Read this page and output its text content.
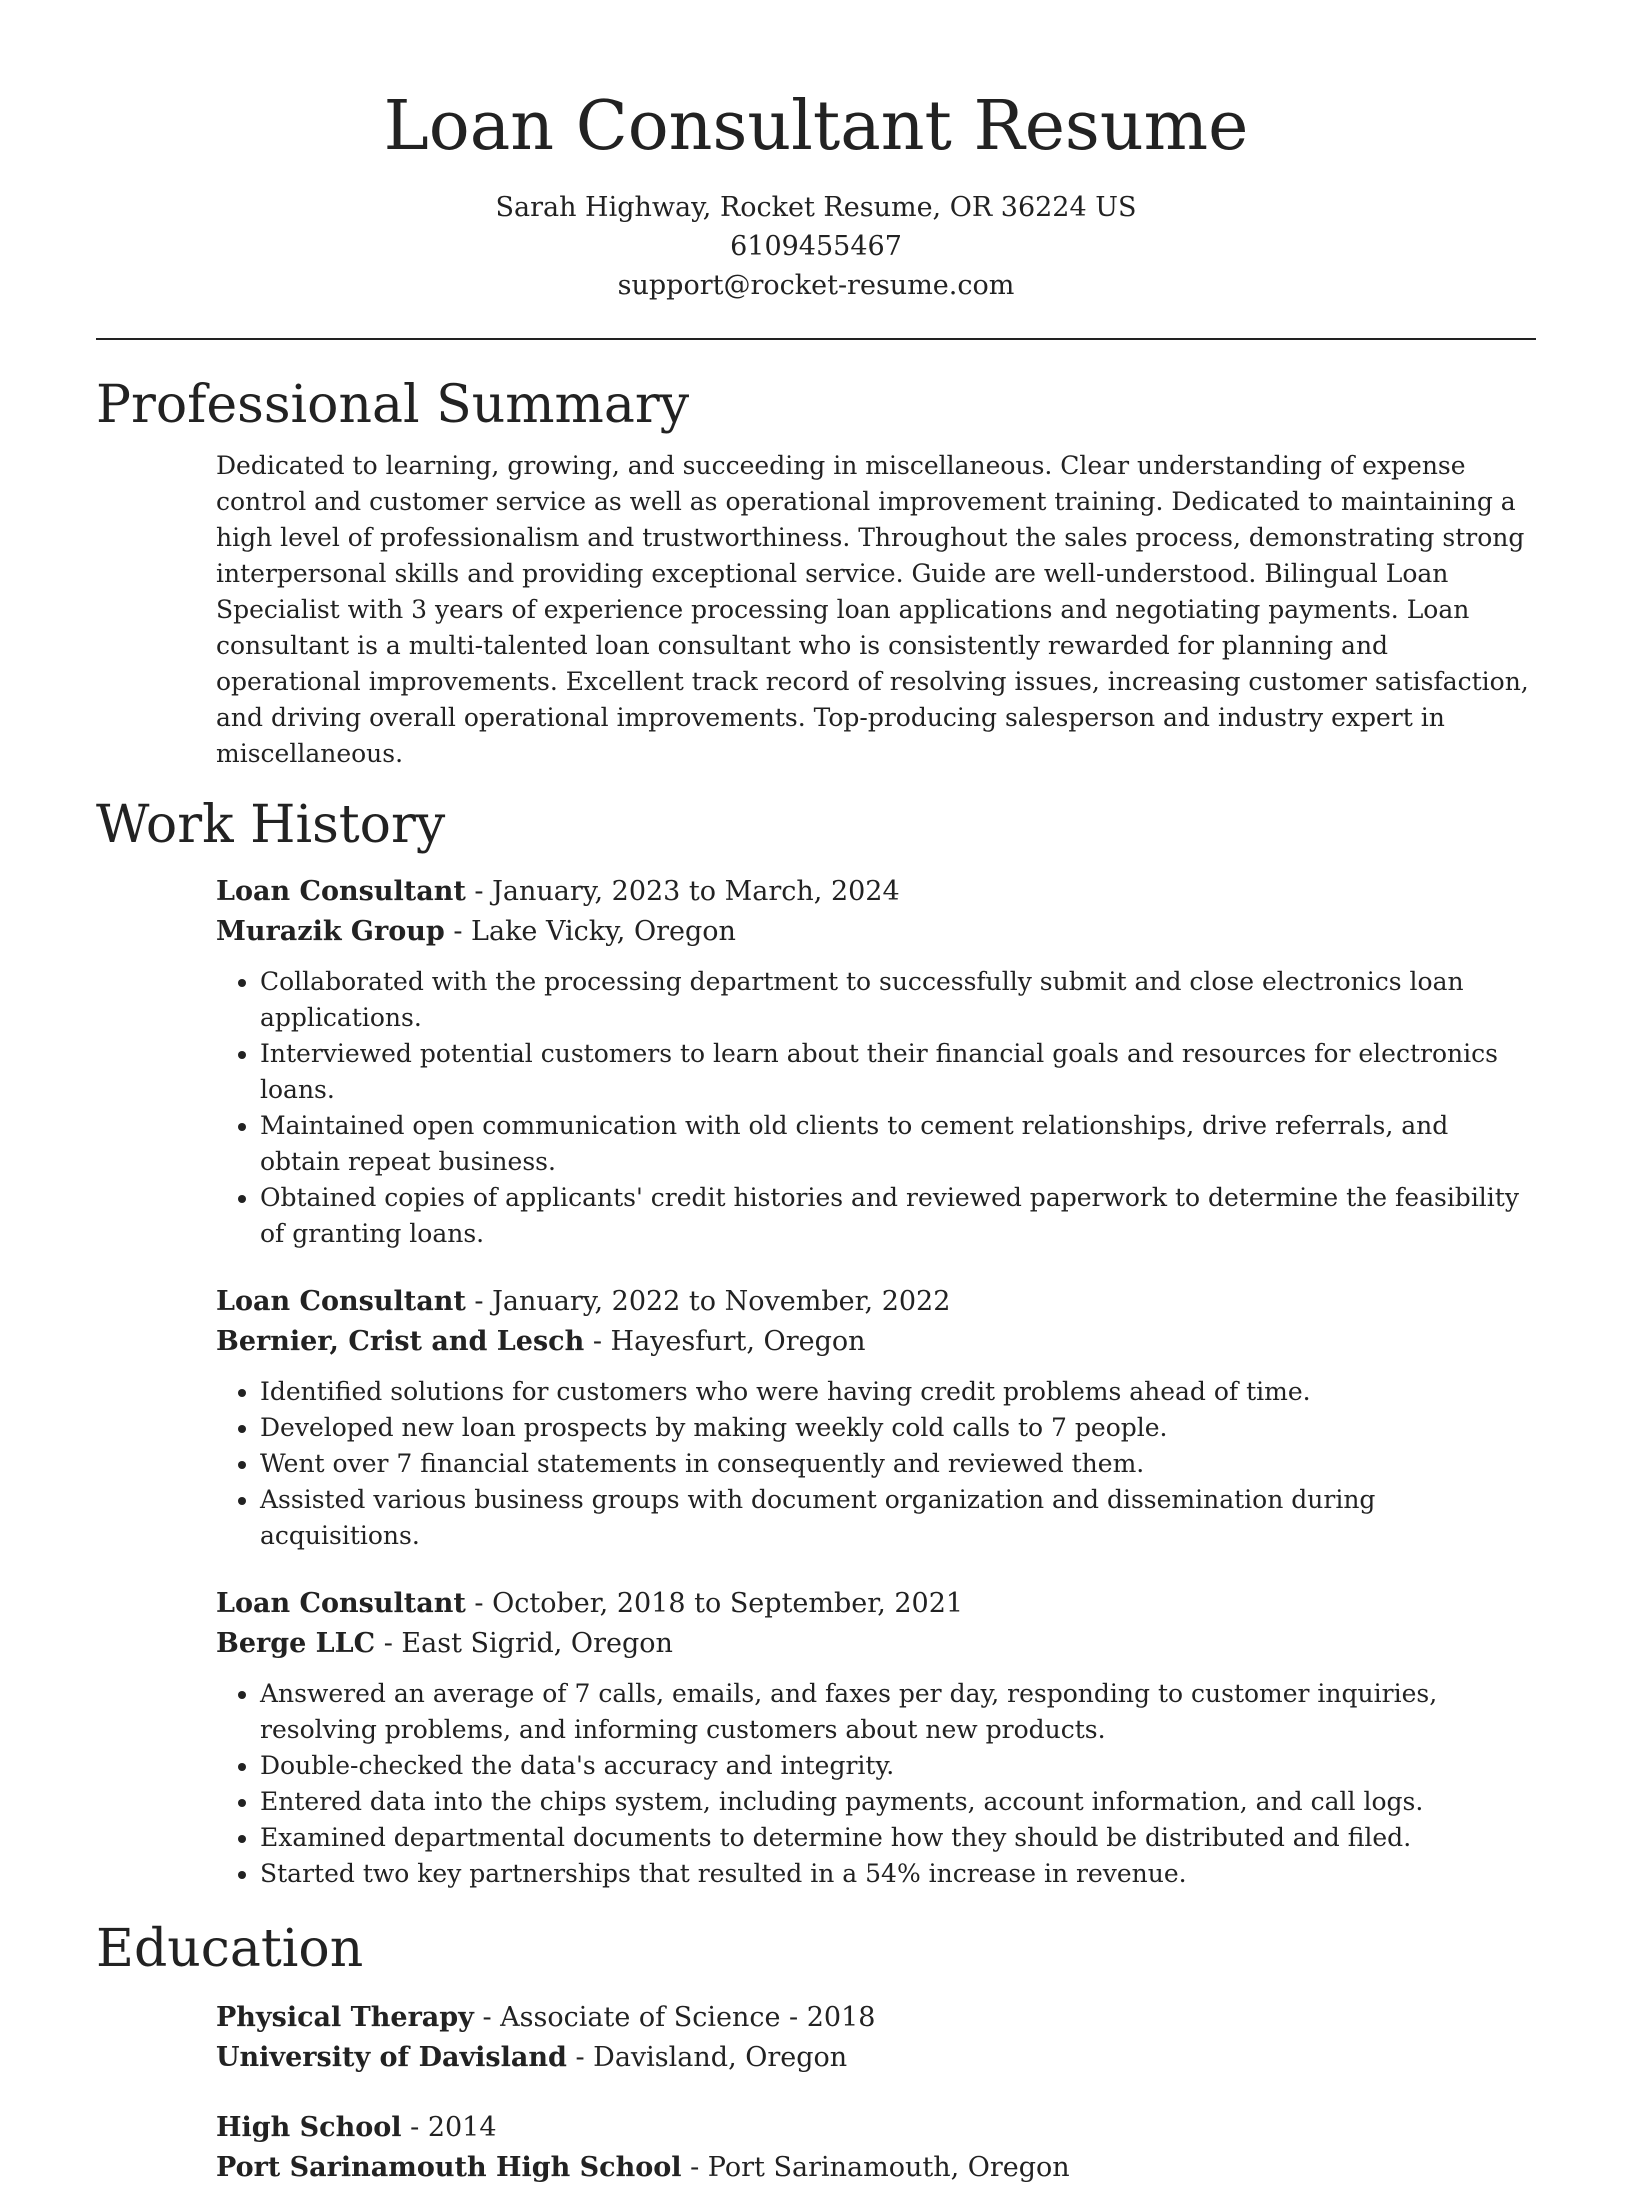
Loan Consultant Resume

Sarah Highway, Rocket Resume, OR 36224 US

6109455467

support@rocket-resume.com

Professional Summary

Dedicated to learning, growing, and succeeding in miscellaneous. Clear understanding of expense control and customer service as well as operational improvement training. Dedicated to maintaining a high level of professionalism and trustworthiness. Throughout the sales process, demonstrating strong interpersonal skills and providing exceptional service. Guide are well-understood. Bilingual Loan Specialist with 3 years of experience processing loan applications and negotiating payments. Loan consultant is a multi-talented loan consultant who is consistently rewarded for planning and operational improvements. Excellent track record of resolving issues, increasing customer satisfaction, and driving overall operational improvements. Top-producing salesperson and industry expert in miscellaneous.

Work History

Loan Consultant - January, 2023 to March, 2024

Murazik Group - Lake Vicky, Oregon

• Collaborated with the processing department to successfully submit and close electronics loan applications.
• Interviewed potential customers to learn about their financial goals and resources for electronics loans.
• Maintained open communication with old clients to cement relationships, drive referrals, and obtain repeat business.
• Obtained copies of applicants' credit histories and reviewed paperwork to determine the feasibility of granting loans.

Loan Consultant - January, 2022 to November, 2022

Bernier, Crist and Lesch - Hayesfurt, Oregon

• Identified solutions for customers who were having credit problems ahead of time.
• Developed new loan prospects by making weekly cold calls to 7 people.
• Went over 7 financial statements in consequently and reviewed them.
• Assisted various business groups with document organization and dissemination during acquisitions.

Loan Consultant - October, 2018 to September, 2021

Berge LLC - East Sigrid, Oregon

• Answered an average of 7 calls, emails, and faxes per day, responding to customer inquiries, resolving problems, and informing customers about new products.
• Double-checked the data's accuracy and integrity.
• Entered data into the chips system, including payments, account information, and call logs.
• Examined departmental documents to determine how they should be distributed and filed.
• Started two key partnerships that resulted in a 54% increase in revenue.
Education

Physical Therapy - Associate of Science - 2018

University of Davisland - Davisland, Oregon

High School - 2014

Port Sarinamouth High School - Port Sarinamouth, Oregon
